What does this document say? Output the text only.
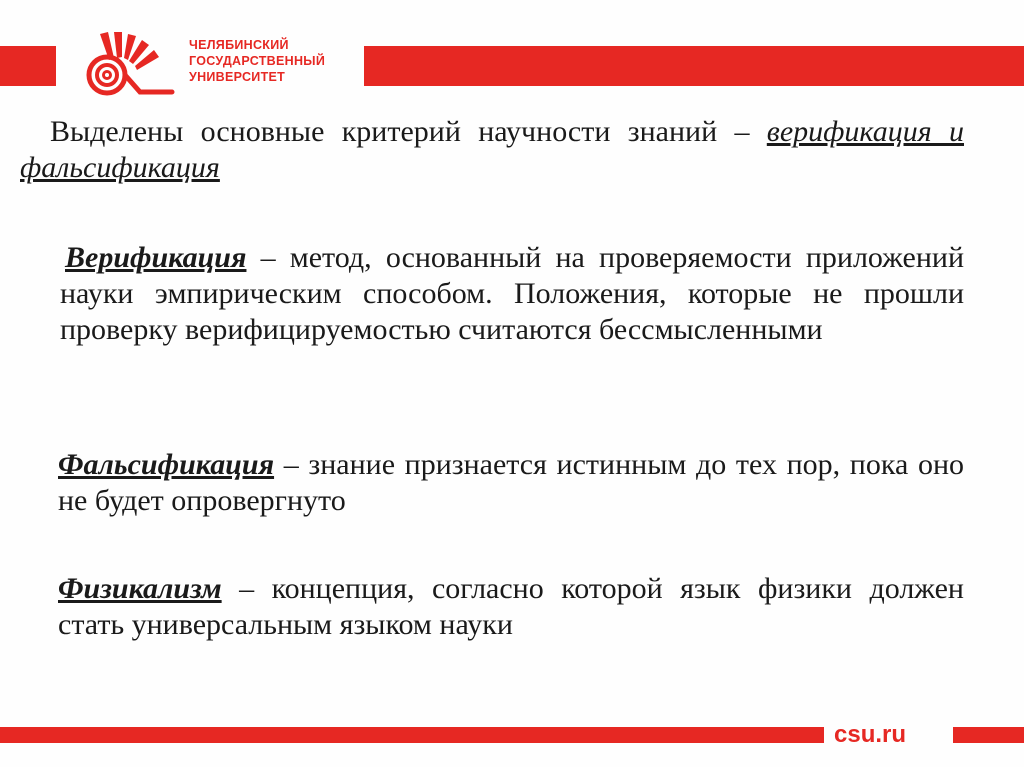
ЧЕЛЯБИНСКИЙ
ГОСУДАРСТВЕННЫЙ
УНИВЕРСИТЕТ
Выделены основные критерий научности знаний – верификация и фальсификация
Верификация – метод, основанный на проверяемости приложений науки эмпирическим способом. Положения, которые не прошли проверку верифицируемостью считаются бессмысленными
Фальсификация – знание признается истинным до тех пор, пока оно не будет опровергнуто
Физикализм – концепция, согласно которой язык физики должен стать универсальным языком науки
csu.ru
